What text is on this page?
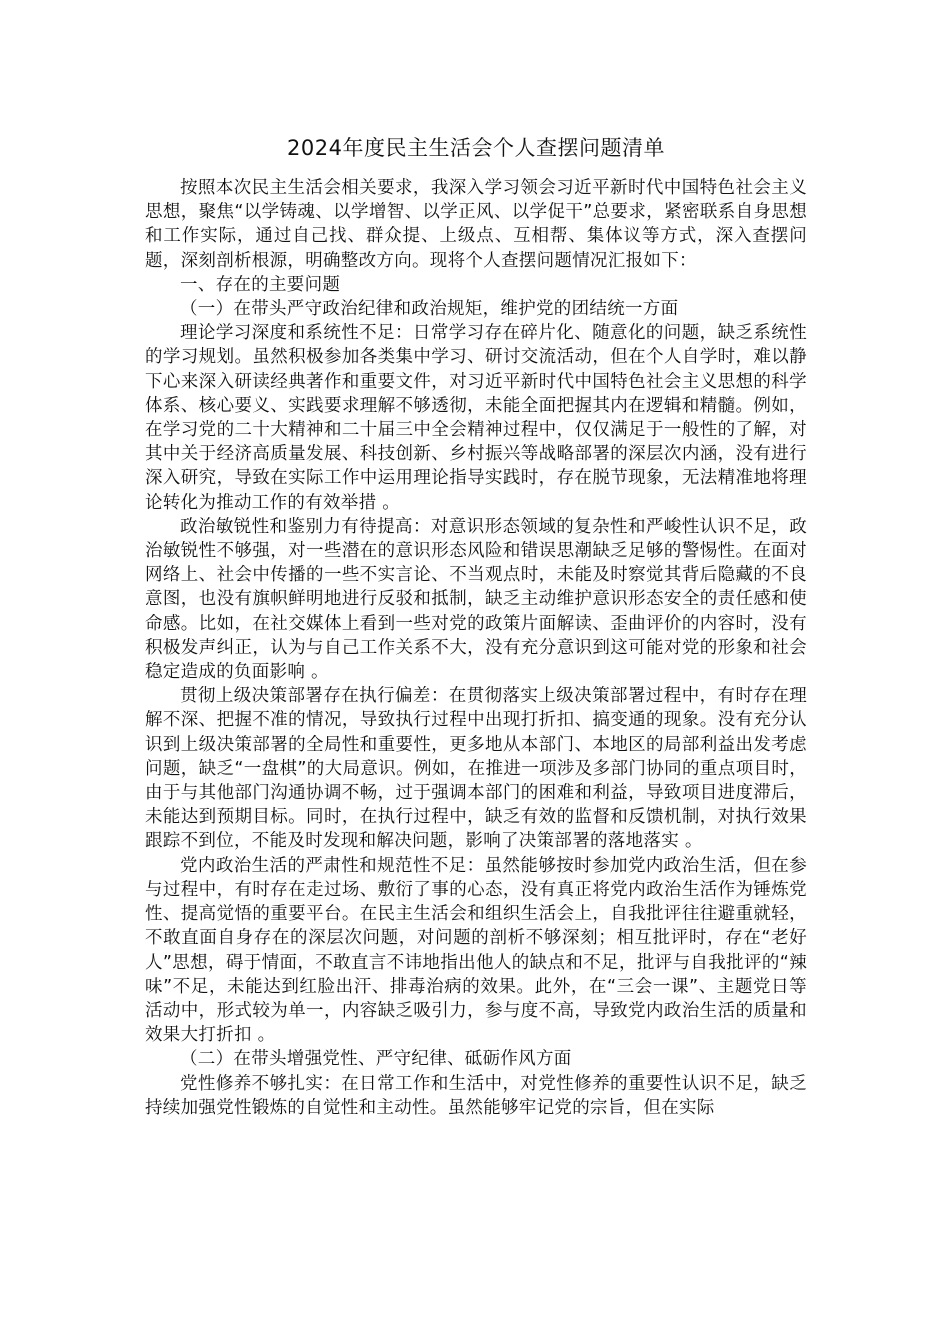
2024年度民主生活会个人查摆问题清单

按照本次民主生活会相关要求，我深入学习领会习近平新时代中国特色社会主义思想，聚焦“以学铸魂、以学增智、以学正风、以学促干”总要求，紧密联系自身思想和工作实际，通过自己找、群众提、上级点、互相帮、集体议等方式，深入查摆问题，深刻剖析根源，明确整改方向。现将个人查摆问题情况汇报如下：

一、存在的主要问题

（一）在带头严守政治纪律和政治规矩，维护党的团结统一方面

理论学习深度和系统性不足：日常学习存在碎片化、随意化的问题，缺乏系统性的学习规划。虽然积极参加各类集中学习、研讨交流活动，但在个人自学时，难以静下心来深入研读经典著作和重要文件，对习近平新时代中国特色社会主义思想的科学体系、核心要义、实践要求理解不够透彻，未能全面把握其内在逻辑和精髓。例如，在学习党的二十大精神和二十届三中全会精神过程中，仅仅满足于一般性的了解，对其中关于经济高质量发展、科技创新、乡村振兴等战略部署的深层次内涵，没有进行深入研究，导致在实际工作中运用理论指导实践时，存在脱节现象，无法精准地将理论转化为推动工作的有效举措 。

政治敏锐性和鉴别力有待提高：对意识形态领域的复杂性和严峻性认识不足，政治敏锐性不够强，对一些潜在的意识形态风险和错误思潮缺乏足够的警惕性。在面对网络上、社会中传播的一些不实言论、不当观点时，未能及时察觉其背后隐藏的不良意图，也没有旗帜鲜明地进行反驳和抵制，缺乏主动维护意识形态安全的责任感和使命感。比如，在社交媒体上看到一些对党的政策片面解读、歪曲评价的内容时，没有积极发声纠正，认为与自己工作关系不大，没有充分意识到这可能对党的形象和社会稳定造成的负面影响 。

贯彻上级决策部署存在执行偏差：在贯彻落实上级决策部署过程中，有时存在理解不深、把握不准的情况，导致执行过程中出现打折扣、搞变通的现象。没有充分认识到上级决策部署的全局性和重要性，更多地从本部门、本地区的局部利益出发考虑问题，缺乏“一盘棋”的大局意识。例如，在推进一项涉及多部门协同的重点项目时，由于与其他部门沟通协调不畅，过于强调本部门的困难和利益，导致项目进度滞后，未能达到预期目标。同时，在执行过程中，缺乏有效的监督和反馈机制，对执行效果跟踪不到位，不能及时发现和解决问题，影响了决策部署的落地落实 。

党内政治生活的严肃性和规范性不足：虽然能够按时参加党内政治生活，但在参与过程中，有时存在走过场、敷衍了事的心态，没有真正将党内政治生活作为锤炼党性、提高觉悟的重要平台。在民主生活会和组织生活会上，自我批评往往避重就轻，不敢直面自身存在的深层次问题，对问题的剖析不够深刻；相互批评时，存在“老好人”思想，碍于情面，不敢直言不讳地指出他人的缺点和不足，批评与自我批评的“辣味”不足，未能达到红脸出汗、排毒治病的效果。此外，在“三会一课”、主题党日等活动中，形式较为单一，内容缺乏吸引力，参与度不高，导致党内政治生活的质量和效果大打折扣 。

（二）在带头增强党性、严守纪律、砥砺作风方面

党性修养不够扎实：在日常工作和生活中，对党性修养的重要性认识不足，缺乏持续加强党性锻炼的自觉性和主动性。虽然能够牢记党的宗旨，但在实际
